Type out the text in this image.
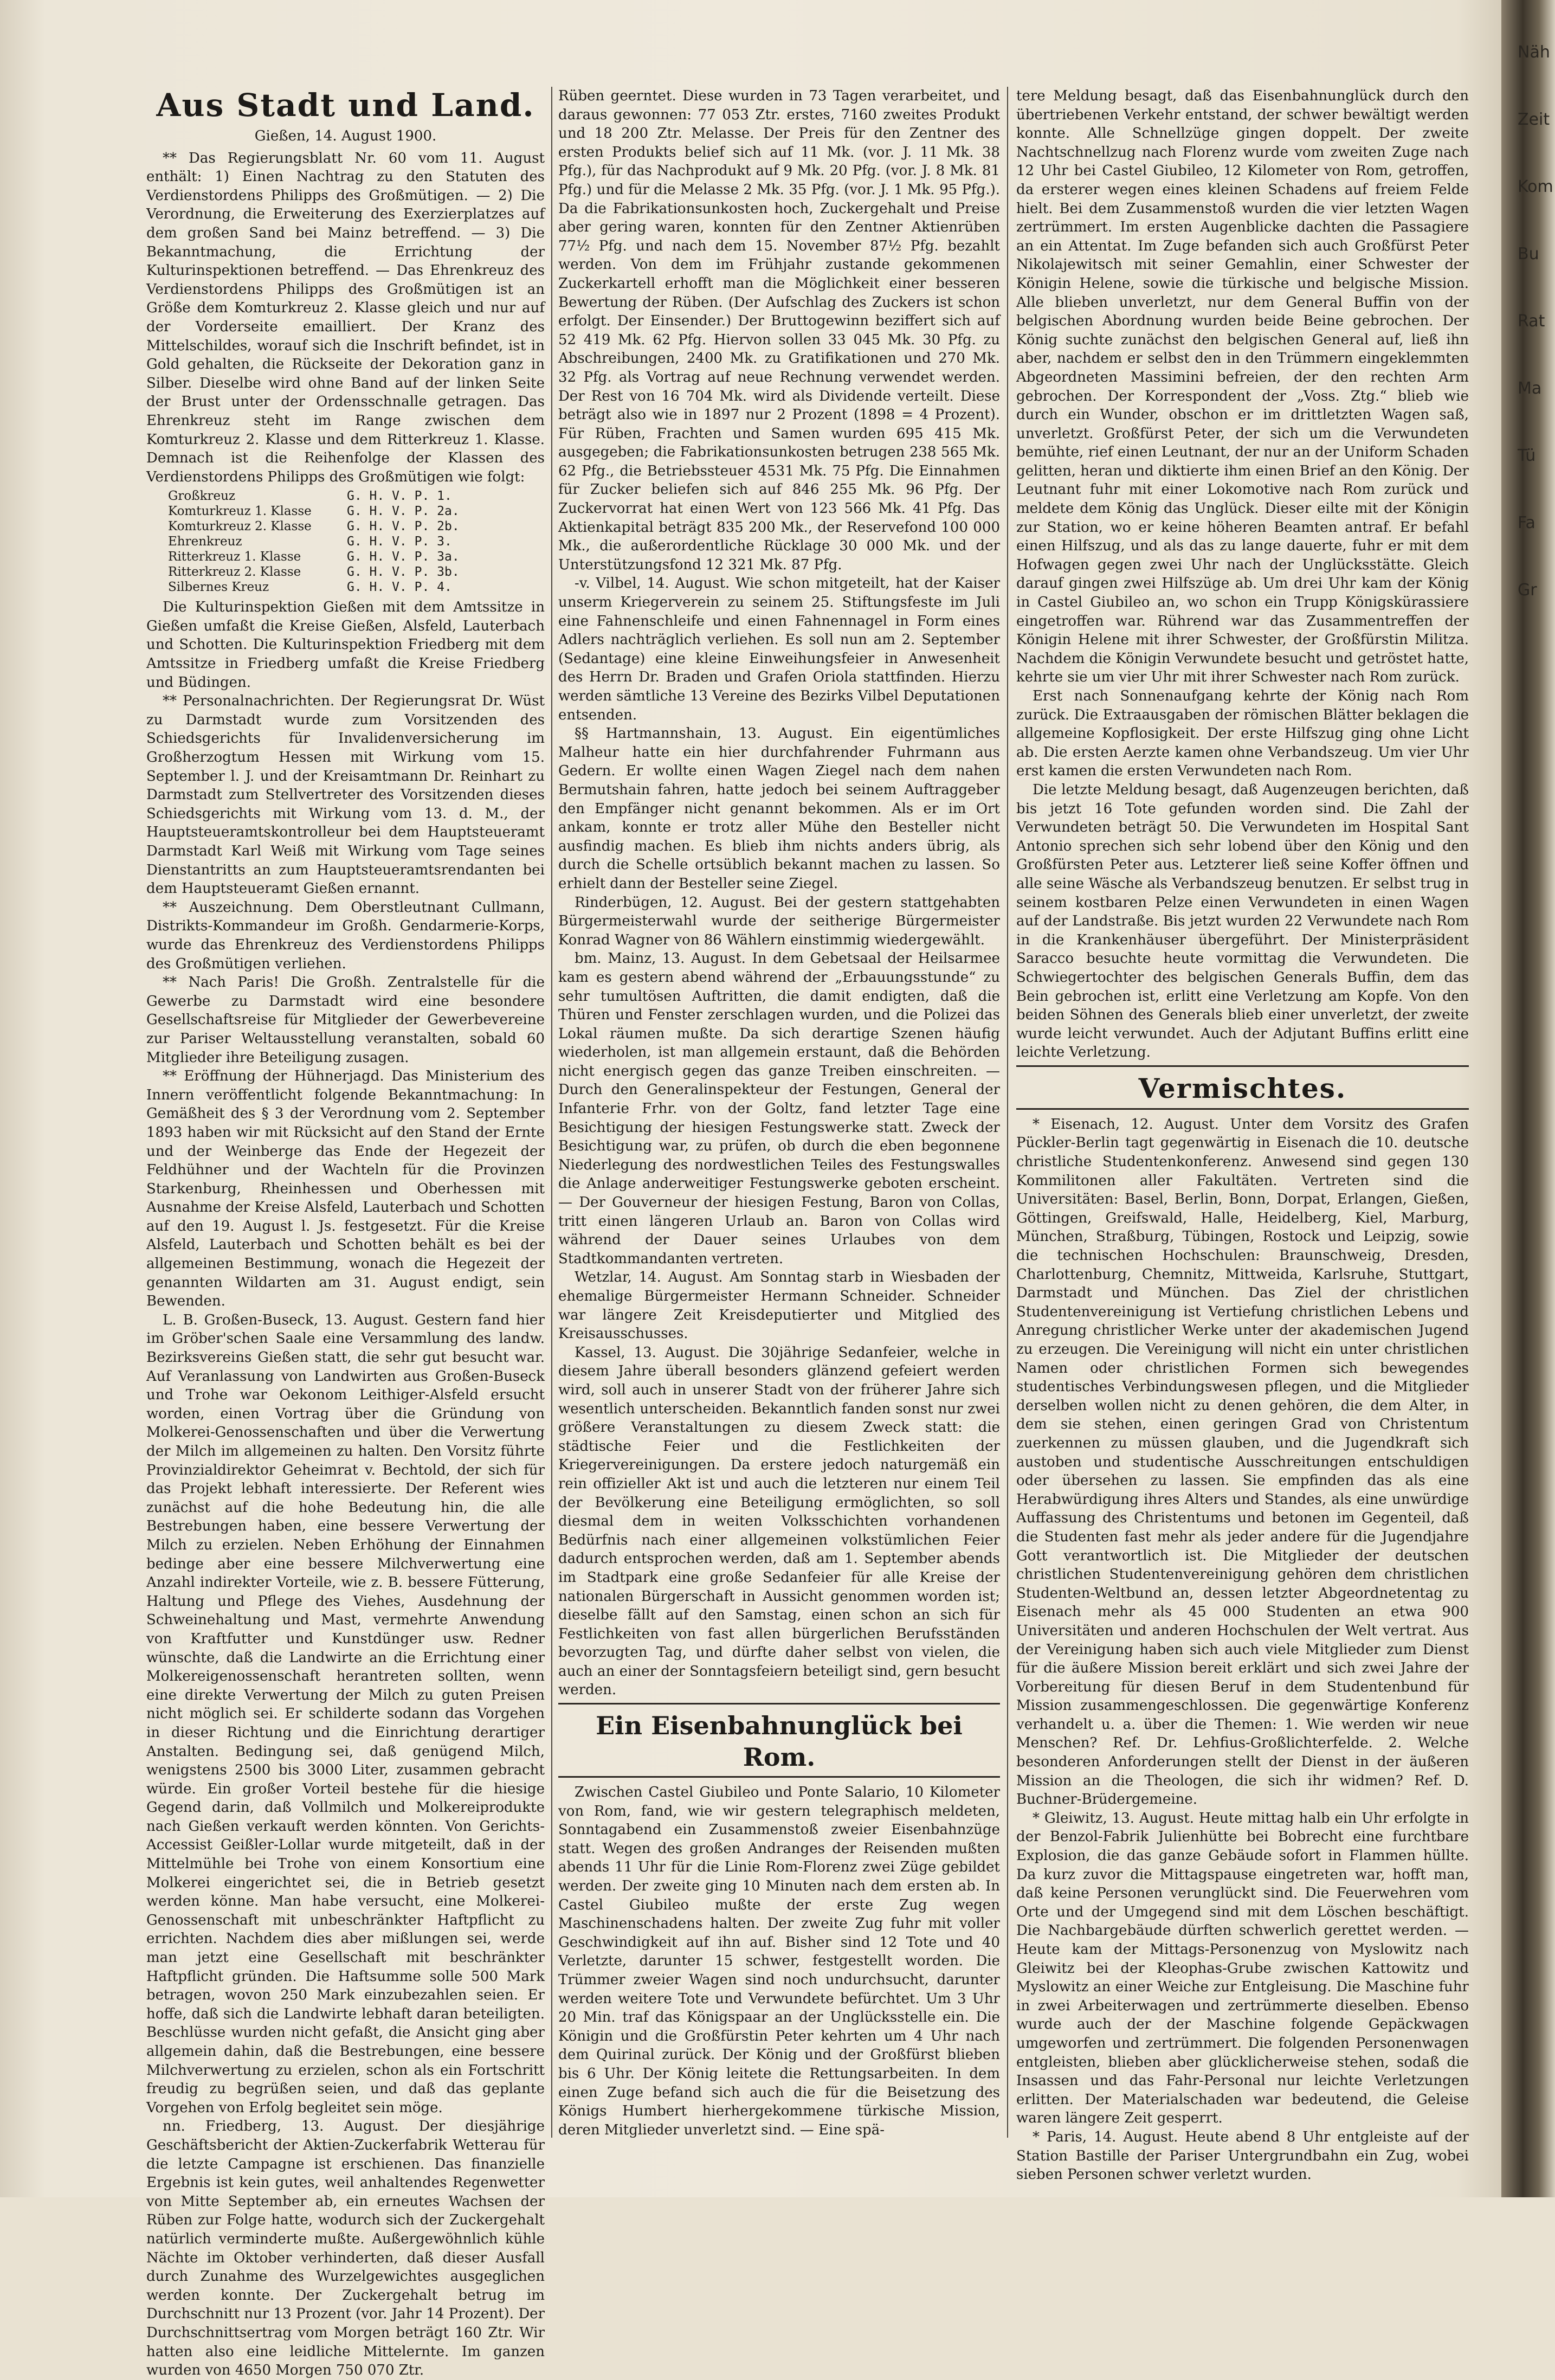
Aus Stadt und Land.
Gießen, 14. August 1900.
** Das Regierungsblatt Nr. 60 vom 11. August enthält: 1) Einen Nachtrag zu den Statuten des Verdienstordens Philipps des Großmütigen. — 2) Die Verordnung, die Erweiterung des Exerzierplatzes auf dem großen Sand bei Mainz betreffend. — 3) Die Bekanntmachung, die Errichtung der Kulturinspektionen betreffend. — Das Ehrenkreuz des Verdienstordens Philipps des Großmütigen ist an Größe dem Komturkreuz 2. Klasse gleich und nur auf der Vorderseite emailliert. Der Kranz des Mittelschildes, worauf sich die Inschrift befindet, ist in Gold gehalten, die Rückseite der Dekoration ganz in Silber. Dieselbe wird ohne Band auf der linken Seite der Brust unter der Ordensschnalle getragen. Das Ehrenkreuz steht im Range zwischen dem Komturkreuz 2. Klasse und dem Ritterkreuz 1. Klasse. Demnach ist die Reihenfolge der Klassen des Verdienstordens Philipps des Großmütigen wie folgt:
Großkreuz	G. H. V. P. 1.
Komturkreuz 1. Klasse	G. H. V. P. 2a.
Komturkreuz 2. Klasse	G. H. V. P. 2b.
Ehrenkreuz	G. H. V. P. 3.
Ritterkreuz 1. Klasse	G. H. V. P. 3a.
Ritterkreuz 2. Klasse	G. H. V. P. 3b.
Silbernes Kreuz	G. H. V. P. 4.

Die Kulturinspektion Gießen mit dem Amtssitze in Gießen umfaßt die Kreise Gießen, Alsfeld, Lauterbach und Schotten. Die Kulturinspektion Friedberg mit dem Amtssitze in Friedberg umfaßt die Kreise Friedberg und Büdingen.

** Personalnachrichten. Der Regierungsrat Dr. Wüst zu Darmstadt wurde zum Vorsitzenden des Schiedsgerichts für Invalidenversicherung im Großherzogtum Hessen mit Wirkung vom 15. September l. J. und der Kreisamtmann Dr. Reinhart zu Darmstadt zum Stellvertreter des Vorsitzenden dieses Schiedsgerichts mit Wirkung vom 13. d. M., der Hauptsteueramtskontrolleur bei dem Hauptsteueramt Darmstadt Karl Weiß mit Wirkung vom Tage seines Dienstantritts an zum Hauptsteueramtsrendanten bei dem Hauptsteueramt Gießen ernannt.

** Auszeichnung. Dem Oberstleutnant Cullmann, Distrikts-Kommandeur im Großh. Gendarmerie-Korps, wurde das Ehrenkreuz des Verdienstordens Philipps des Großmütigen verliehen.

** Nach Paris! Die Großh. Zentralstelle für die Gewerbe zu Darmstadt wird eine besondere Gesellschaftsreise für Mitglieder der Gewerbevereine zur Pariser Weltausstellung veranstalten, sobald 60 Mitglieder ihre Beteiligung zusagen.

** Eröffnung der Hühnerjagd. Das Ministerium des Innern veröffentlicht folgende Bekanntmachung: In Gemäßheit des § 3 der Verordnung vom 2. September 1893 haben wir mit Rücksicht auf den Stand der Ernte und der Weinberge das Ende der Hegezeit der Feldhühner und der Wachteln für die Provinzen Starkenburg, Rheinhessen und Oberhessen mit Ausnahme der Kreise Alsfeld, Lauterbach und Schotten auf den 19. August l. Js. festgesetzt. Für die Kreise Alsfeld, Lauterbach und Schotten behält es bei der allgemeinen Bestimmung, wonach die Hegezeit der genannten Wildarten am 31. August endigt, sein Bewenden.

L. B. Großen-Buseck, 13. August. Gestern fand hier im Gröber'schen Saale eine Versammlung des landw. Bezirksvereins Gießen statt, die sehr gut besucht war. Auf Veranlassung von Landwirten aus Großen-Buseck und Trohe war Oekonom Leithiger-Alsfeld ersucht worden, einen Vortrag über die Gründung von Molkerei-Genossenschaften und über die Verwertung der Milch im allgemeinen zu halten. Den Vorsitz führte Provinzialdirektor Geheimrat v. Bechtold, der sich für das Projekt lebhaft interessierte. Der Referent wies zunächst auf die hohe Bedeutung hin, die alle Bestrebungen haben, eine bessere Verwertung der Milch zu erzielen. Neben Erhöhung der Einnahmen bedinge aber eine bessere Milchverwertung eine Anzahl indirekter Vorteile, wie z. B. bessere Fütterung, Haltung und Pflege des Viehes, Ausdehnung der Schweinehaltung und Mast, vermehrte Anwendung von Kraftfutter und Kunstdünger usw. Redner wünschte, daß die Landwirte an die Errichtung einer Molkereigenossenschaft herantreten sollten, wenn eine direkte Verwertung der Milch zu guten Preisen nicht möglich sei. Er schilderte sodann das Vorgehen in dieser Richtung und die Einrichtung derartiger Anstalten. Bedingung sei, daß genügend Milch, wenigstens 2500 bis 3000 Liter, zusammen gebracht würde. Ein großer Vorteil bestehe für die hiesige Gegend darin, daß Vollmilch und Molkereiprodukte nach Gießen verkauft werden könnten. Von Gerichts-Accessist Geißler-Lollar wurde mitgeteilt, daß in der Mittelmühle bei Trohe von einem Konsortium eine Molkerei eingerichtet sei, die in Betrieb gesetzt werden könne. Man habe versucht, eine Molkerei-Genossenschaft mit unbeschränkter Haftpflicht zu errichten. Nachdem dies aber mißlungen sei, werde man jetzt eine Gesellschaft mit beschränkter Haftpflicht gründen. Die Haftsumme solle 500 Mark betragen, wovon 250 Mark einzubezahlen seien. Er hoffe, daß sich die Landwirte lebhaft daran beteiligten. Beschlüsse wurden nicht gefaßt, die Ansicht ging aber allgemein dahin, daß die Bestrebungen, eine bessere Milchverwertung zu erzielen, schon als ein Fortschritt freudig zu begrüßen seien, und daß das geplante Vorgehen von Erfolg begleitet sein möge.

nn. Friedberg, 13. August. Der diesjährige Geschäftsbericht der Aktien-Zuckerfabrik Wetterau für die letzte Campagne ist erschienen. Das finanzielle Ergebnis ist kein gutes, weil anhaltendes Regenwetter von Mitte September ab, ein erneutes Wachsen der Rüben zur Folge hatte, wodurch sich der Zuckergehalt natürlich verminderte mußte. Außergewöhnlich kühle Nächte im Oktober verhinderten, daß dieser Ausfall durch Zunahme des Wurzelgewichtes ausgeglichen werden konnte. Der Zuckergehalt betrug im Durchschnitt nur 13 Prozent (vor. Jahr 14 Prozent). Der Durchschnittsertrag vom Morgen beträgt 160 Ztr. Wir hatten also eine leidliche Mittelernte. Im ganzen wurden von 4650 Morgen 750 070 Ztr.

Rüben geerntet. Diese wurden in 73 Tagen verarbeitet, und daraus gewonnen: 77 053 Ztr. erstes, 7160 zweites Produkt und 18 200 Ztr. Melasse. Der Preis für den Zentner des ersten Produkts belief sich auf 11 Mk. (vor. J. 11 Mk. 38 Pfg.), für das Nachprodukt auf 9 Mk. 20 Pfg. (vor. J. 8 Mk. 81 Pfg.) und für die Melasse 2 Mk. 35 Pfg. (vor. J. 1 Mk. 95 Pfg.). Da die Fabrikationsunkosten hoch, Zuckergehalt und Preise aber gering waren, konnten für den Zentner Aktienrüben 77½ Pfg. und nach dem 15. November 87½ Pfg. bezahlt werden. Von dem im Frühjahr zustande gekommenen Zuckerkartell erhofft man die Möglichkeit einer besseren Bewertung der Rüben. (Der Aufschlag des Zuckers ist schon erfolgt. Der Einsender.) Der Bruttogewinn beziffert sich auf 52 419 Mk. 62 Pfg. Hiervon sollen 33 045 Mk. 30 Pfg. zu Abschreibungen, 2400 Mk. zu Gratifikationen und 270 Mk. 32 Pfg. als Vortrag auf neue Rechnung verwendet werden. Der Rest von 16 704 Mk. wird als Dividende verteilt. Diese beträgt also wie in 1897 nur 2 Prozent (1898 = 4 Prozent). Für Rüben, Frachten und Samen wurden 695 415 Mk. ausgegeben; die Fabrikationsunkosten betrugen 238 565 Mk. 62 Pfg., die Betriebssteuer 4531 Mk. 75 Pfg. Die Einnahmen für Zucker beliefen sich auf 846 255 Mk. 96 Pfg. Der Zuckervorrat hat einen Wert von 123 566 Mk. 41 Pfg. Das Aktienkapital beträgt 835 200 Mk., der Reservefond 100 000 Mk., die außerordentliche Rücklage 30 000 Mk. und der Unterstützungsfond 12 321 Mk. 87 Pfg.

-v. Vilbel, 14. August. Wie schon mitgeteilt, hat der Kaiser unserm Kriegerverein zu seinem 25. Stiftungsfeste im Juli eine Fahnenschleife und einen Fahnennagel in Form eines Adlers nachträglich verliehen. Es soll nun am 2. September (Sedantage) eine kleine Einweihungsfeier in Anwesenheit des Herrn Dr. Braden und Grafen Oriola stattfinden. Hierzu werden sämtliche 13 Vereine des Bezirks Vilbel Deputationen entsenden.

§§ Hartmannshain, 13. August. Ein eigentümliches Malheur hatte ein hier durchfahrender Fuhrmann aus Gedern. Er wollte einen Wagen Ziegel nach dem nahen Bermutshain fahren, hatte jedoch bei seinem Auftraggeber den Empfänger nicht genannt bekommen. Als er im Ort ankam, konnte er trotz aller Mühe den Besteller nicht ausfindig machen. Es blieb ihm nichts anders übrig, als durch die Schelle ortsüblich bekannt machen zu lassen. So erhielt dann der Besteller seine Ziegel.

Rinderbügen, 12. August. Bei der gestern stattgehabten Bürgermeisterwahl wurde der seitherige Bürgermeister Konrad Wagner von 86 Wählern einstimmig wiedergewählt.

bm. Mainz, 13. August. In dem Gebetsaal der Heilsarmee kam es gestern abend während der „Erbauungsstunde“ zu sehr tumultösen Auftritten, die damit endigten, daß die Thüren und Fenster zerschlagen wurden, und die Polizei das Lokal räumen mußte. Da sich derartige Szenen häufig wiederholen, ist man allgemein erstaunt, daß die Behörden nicht energisch gegen das ganze Treiben einschreiten. — Durch den Generalinspekteur der Festungen, General der Infanterie Frhr. von der Goltz, fand letzter Tage eine Besichtigung der hiesigen Festungswerke statt. Zweck der Besichtigung war, zu prüfen, ob durch die eben begonnene Niederlegung des nordwestlichen Teiles des Festungswalles die Anlage anderweitiger Festungswerke geboten erscheint. — Der Gouverneur der hiesigen Festung, Baron von Collas, tritt einen längeren Urlaub an. Baron von Collas wird während der Dauer seines Urlaubes von dem Stadtkommandanten vertreten.

Wetzlar, 14. August. Am Sonntag starb in Wiesbaden der ehemalige Bürgermeister Hermann Schneider. Schneider war längere Zeit Kreisdeputierter und Mitglied des Kreisausschusses.

Kassel, 13. August. Die 30jährige Sedanfeier, welche in diesem Jahre überall besonders glänzend gefeiert werden wird, soll auch in unserer Stadt von der früherer Jahre sich wesentlich unterscheiden. Bekanntlich fanden sonst nur zwei größere Veranstaltungen zu diesem Zweck statt: die städtische Feier und die Festlichkeiten der Kriegervereinigungen. Da erstere jedoch naturgemäß ein rein offizieller Akt ist und auch die letzteren nur einem Teil der Bevölkerung eine Beteiligung ermöglichten, so soll diesmal dem in weiten Volksschichten vorhandenen Bedürfnis nach einer allgemeinen volkstümlichen Feier dadurch entsprochen werden, daß am 1. September abends im Stadtpark eine große Sedanfeier für alle Kreise der nationalen Bürgerschaft in Aussicht genommen worden ist; dieselbe fällt auf den Samstag, einen schon an sich für Festlichkeiten von fast allen bürgerlichen Berufsständen bevorzugten Tag, und dürfte daher selbst von vielen, die auch an einer der Sonntagsfeiern beteiligt sind, gern besucht werden.

Ein Eisenbahnunglück bei Rom.

Zwischen Castel Giubileo und Ponte Salario, 10 Kilometer von Rom, fand, wie wir gestern telegraphisch meldeten, Sonntagabend ein Zusammenstoß zweier Eisenbahnzüge statt. Wegen des großen Andranges der Reisenden mußten abends 11 Uhr für die Linie Rom-Florenz zwei Züge gebildet werden. Der zweite ging 10 Minuten nach dem ersten ab. In Castel Giubileo mußte der erste Zug wegen Maschinenschadens halten. Der zweite Zug fuhr mit voller Geschwindigkeit auf ihn auf. Bisher sind 12 Tote und 40 Verletzte, darunter 15 schwer, festgestellt worden. Die Trümmer zweier Wagen sind noch undurchsucht, darunter werden weitere Tote und Verwundete befürchtet. Um 3 Uhr 20 Min. traf das Königspaar an der Unglücksstelle ein. Die Königin und die Großfürstin Peter kehrten um 4 Uhr nach dem Quirinal zurück. Der König und der Großfürst blieben bis 6 Uhr. Der König leitete die Rettungsarbeiten. In dem einen Zuge befand sich auch die für die Beisetzung des Königs Humbert hierhergekommene türkische Mission, deren Mitglieder unverletzt sind. — Eine spä-

tere Meldung besagt, daß das Eisenbahnunglück durch den übertriebenen Verkehr entstand, der schwer bewältigt werden konnte. Alle Schnellzüge gingen doppelt. Der zweite Nachtschnellzug nach Florenz wurde vom zweiten Zuge nach 12 Uhr bei Castel Giubileo, 12 Kilometer von Rom, getroffen, da ersterer wegen eines kleinen Schadens auf freiem Felde hielt. Bei dem Zusammenstoß wurden die vier letzten Wagen zertrümmert. Im ersten Augenblicke dachten die Passagiere an ein Attentat. Im Zuge befanden sich auch Großfürst Peter Nikolajewitsch mit seiner Gemahlin, einer Schwester der Königin Helene, sowie die türkische und belgische Mission. Alle blieben unverletzt, nur dem General Buffin von der belgischen Abordnung wurden beide Beine gebrochen. Der König suchte zunächst den belgischen General auf, ließ ihn aber, nachdem er selbst den in den Trümmern eingeklemmten Abgeordneten Massimini befreien, der den rechten Arm gebrochen. Der Korrespondent der „Voss. Ztg.“ blieb wie durch ein Wunder, obschon er im drittletzten Wagen saß, unverletzt. Großfürst Peter, der sich um die Verwundeten bemühte, rief einen Leutnant, der nur an der Uniform Schaden gelitten, heran und diktierte ihm einen Brief an den König. Der Leutnant fuhr mit einer Lokomotive nach Rom zurück und meldete dem König das Unglück. Dieser eilte mit der Königin zur Station, wo er keine höheren Beamten antraf. Er befahl einen Hilfszug, und als das zu lange dauerte, fuhr er mit dem Hofwagen gegen zwei Uhr nach der Unglücksstätte. Gleich darauf gingen zwei Hilfszüge ab. Um drei Uhr kam der König in Castel Giubileo an, wo schon ein Trupp Königskürassiere eingetroffen war. Rührend war das Zusammentreffen der Königin Helene mit ihrer Schwester, der Großfürstin Militza. Nachdem die Königin Verwundete besucht und getröstet hatte, kehrte sie um vier Uhr mit ihrer Schwester nach Rom zurück.

Erst nach Sonnenaufgang kehrte der König nach Rom zurück. Die Extraausgaben der römischen Blätter beklagen die allgemeine Kopflosigkeit. Der erste Hilfszug ging ohne Licht ab. Die ersten Aerzte kamen ohne Verbandszeug. Um vier Uhr erst kamen die ersten Verwundeten nach Rom.

Die letzte Meldung besagt, daß Augenzeugen berichten, daß bis jetzt 16 Tote gefunden worden sind. Die Zahl der Verwundeten beträgt 50. Die Verwundeten im Hospital Sant Antonio sprechen sich sehr lobend über den König und den Großfürsten Peter aus. Letzterer ließ seine Koffer öffnen und alle seine Wäsche als Verbandszeug benutzen. Er selbst trug in seinem kostbaren Pelze einen Verwundeten in einen Wagen auf der Landstraße. Bis jetzt wurden 22 Verwundete nach Rom in die Krankenhäuser übergeführt. Der Ministerpräsident Saracco besuchte heute vormittag die Verwundeten. Die Schwiegertochter des belgischen Generals Buffin, dem das Bein gebrochen ist, erlitt eine Verletzung am Kopfe. Von den beiden Söhnen des Generals blieb einer unverletzt, der zweite wurde leicht verwundet. Auch der Adjutant Buffins erlitt eine leichte Verletzung.

Vermischtes.

* Eisenach, 12. August. Unter dem Vorsitz des Grafen Pückler-Berlin tagt gegenwärtig in Eisenach die 10. deutsche christliche Studentenkonferenz. Anwesend sind gegen 130 Kommilitonen aller Fakultäten. Vertreten sind die Universitäten: Basel, Berlin, Bonn, Dorpat, Erlangen, Gießen, Göttingen, Greifswald, Halle, Heidelberg, Kiel, Marburg, München, Straßburg, Tübingen, Rostock und Leipzig, sowie die technischen Hochschulen: Braunschweig, Dresden, Charlottenburg, Chemnitz, Mittweida, Karlsruhe, Stuttgart, Darmstadt und München. Das Ziel der christlichen Studentenvereinigung ist Vertiefung christlichen Lebens und Anregung christlicher Werke unter der akademischen Jugend zu erzeugen. Die Vereinigung will nicht ein unter christlichen Namen oder christlichen Formen sich bewegendes studentisches Verbindungswesen pflegen, und die Mitglieder derselben wollen nicht zu denen gehören, die dem Alter, in dem sie stehen, einen geringen Grad von Christentum zuerkennen zu müssen glauben, und die Jugendkraft sich austoben und studentische Ausschreitungen entschuldigen oder übersehen zu lassen. Sie empfinden das als eine Herabwürdigung ihres Alters und Standes, als eine unwürdige Auffassung des Christentums und betonen im Gegenteil, daß die Studenten fast mehr als jeder andere für die Jugendjahre Gott verantwortlich ist. Die Mitglieder der deutschen christlichen Studentenvereinigung gehören dem christlichen Studenten-Weltbund an, dessen letzter Abgeordnetentag zu Eisenach mehr als 45 000 Studenten an etwa 900 Universitäten und anderen Hochschulen der Welt vertrat. Aus der Vereinigung haben sich auch viele Mitglieder zum Dienst für die äußere Mission bereit erklärt und sich zwei Jahre der Vorbereitung für diesen Beruf in dem Studentenbund für Mission zusammengeschlossen. Die gegenwärtige Konferenz verhandelt u. a. über die Themen: 1. Wie werden wir neue Menschen? Ref. Dr. Lehfius-Großlichterfelde. 2. Welche besonderen Anforderungen stellt der Dienst in der äußeren Mission an die Theologen, die sich ihr widmen? Ref. D. Buchner-Brüdergemeine.

* Gleiwitz, 13. August. Heute mittag halb ein Uhr erfolgte in der Benzol-Fabrik Julienhütte bei Bobrecht eine furchtbare Explosion, die das ganze Gebäude sofort in Flammen hüllte. Da kurz zuvor die Mittagspause eingetreten war, hofft man, daß keine Personen verunglückt sind. Die Feuerwehren vom Orte und der Umgegend sind mit dem Löschen beschäftigt. Die Nachbargebäude dürften schwerlich gerettet werden. — Heute kam der Mittags-Personenzug von Myslowitz nach Gleiwitz bei der Kleophas-Grube zwischen Kattowitz und Myslowitz an einer Weiche zur Entgleisung. Die Maschine fuhr in zwei Arbeiterwagen und zertrümmerte dieselben. Ebenso wurde auch der der Maschine folgende Gepäckwagen umgeworfen und zertrümmert. Die folgenden Personenwagen entgleisten, blieben aber glücklicherweise stehen, sodaß die Insassen und das Fahr-Personal nur leichte Verletzungen erlitten. Der Materialschaden war bedeutend, die Geleise waren längere Zeit gesperrt.

* Paris, 14. August. Heute abend 8 Uhr entgleiste auf der Station Bastille der Pariser Untergrundbahn ein Zug, wobei sieben Personen schwer verletzt wurden.

Näh
Zeit
Kom
Bu
Rat
Ma
Tü
Fa
Gr
